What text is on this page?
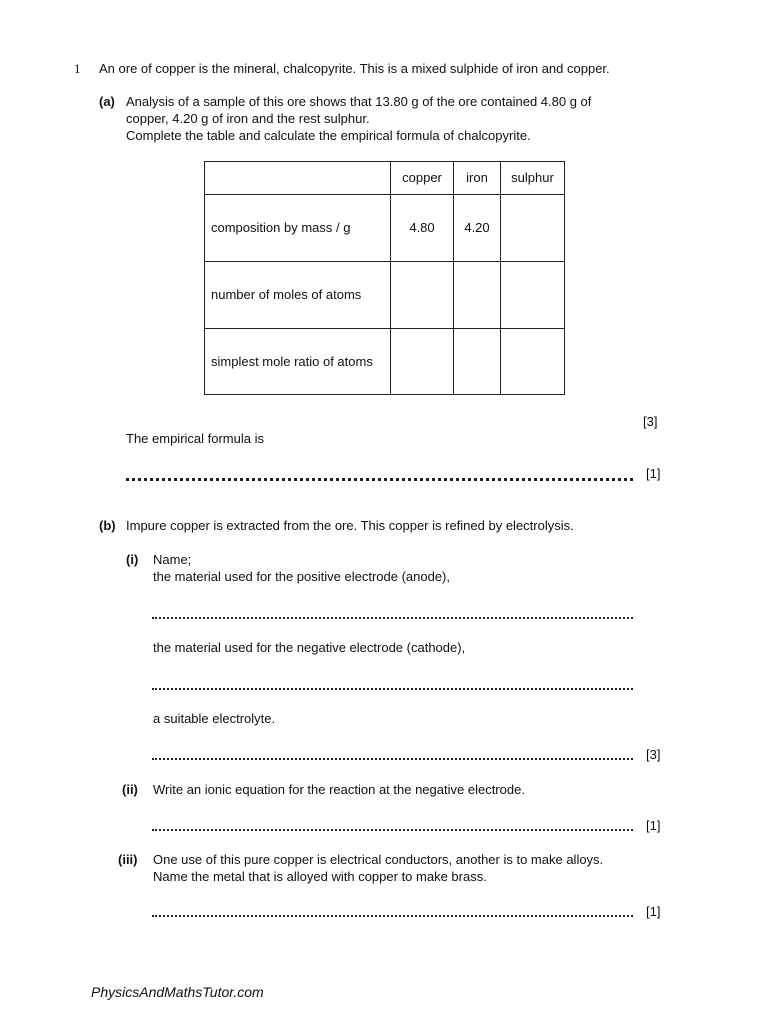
1 An ore of copper is the mineral, chalcopyrite. This is a mixed sulphide of iron and copper.
(a) Analysis of a sample of this ore shows that 13.80 g of the ore contained 4.80 g of
copper, 4.20 g of iron and the rest sulphur.
Complete the table and calculate the empirical formula of chalcopyrite.
	copper	iron	sulphur
composition by mass / g	4.80	4.20	
number of moles of atoms			
simplest mole ratio of atoms			
[3]
The empirical formula is
[1]
(b) Impure copper is extracted from the ore. This copper is refined by electrolysis.
(i) Name;
the material used for the positive electrode (anode),
the material used for the negative electrode (cathode),
a suitable electrolyte.
[3]
(ii) Write an ionic equation for the reaction at the negative electrode.
[1]
(iii) One use of this pure copper is electrical conductors, another is to make alloys.
Name the metal that is alloyed with copper to make brass.
[1]
PhysicsAndMathsTutor.com
